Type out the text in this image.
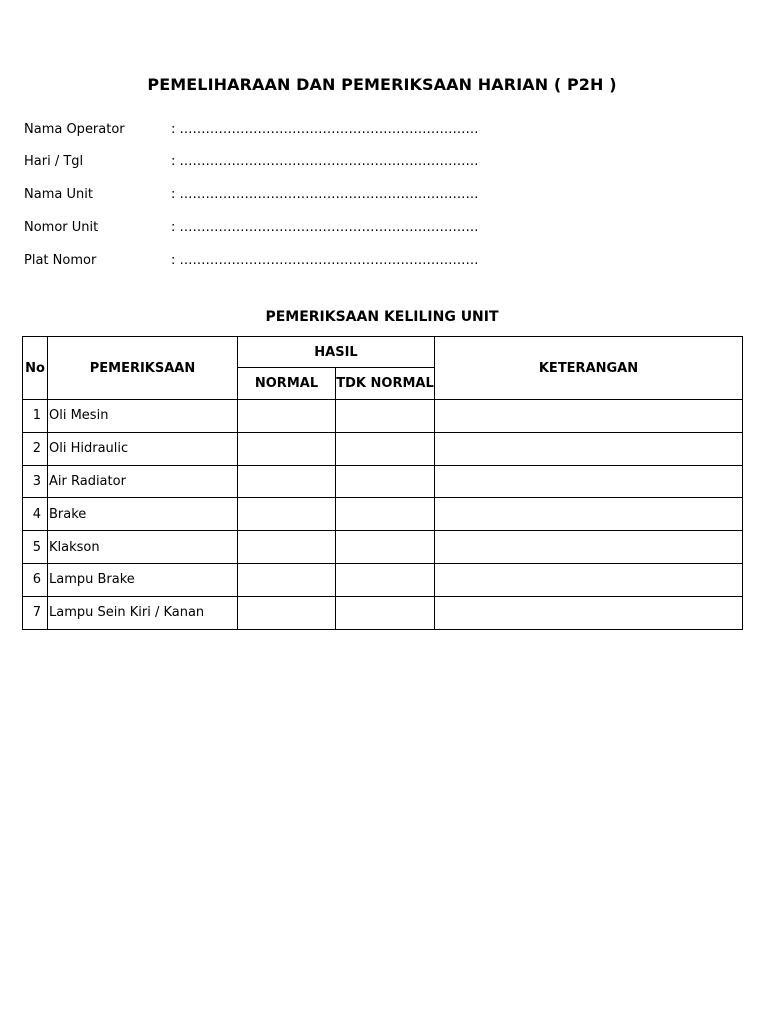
PEMELIHARAAN DAN PEMERIKSAAN HARIAN ( P2H )
Nama Operator	: ……………………………………………………………
Hari / Tgl	: ……………………………………………………………
Nama Unit	: ……………………………………………………………
Nomor Unit	: ……………………………………………………………
Plat Nomor	: ……………………………………………………………
PEMERIKSAAN KELILING UNIT
No	PEMERIKSAAN	HASIL		KETERANGAN
		NORMAL	TDK NORMAL	
1	Oli Mesin			
2	Oli Hidraulic			
3	Air Radiator			
4	Brake			
5	Klakson			
6	Lampu Brake			
7	Lampu Sein Kiri / Kanan			
